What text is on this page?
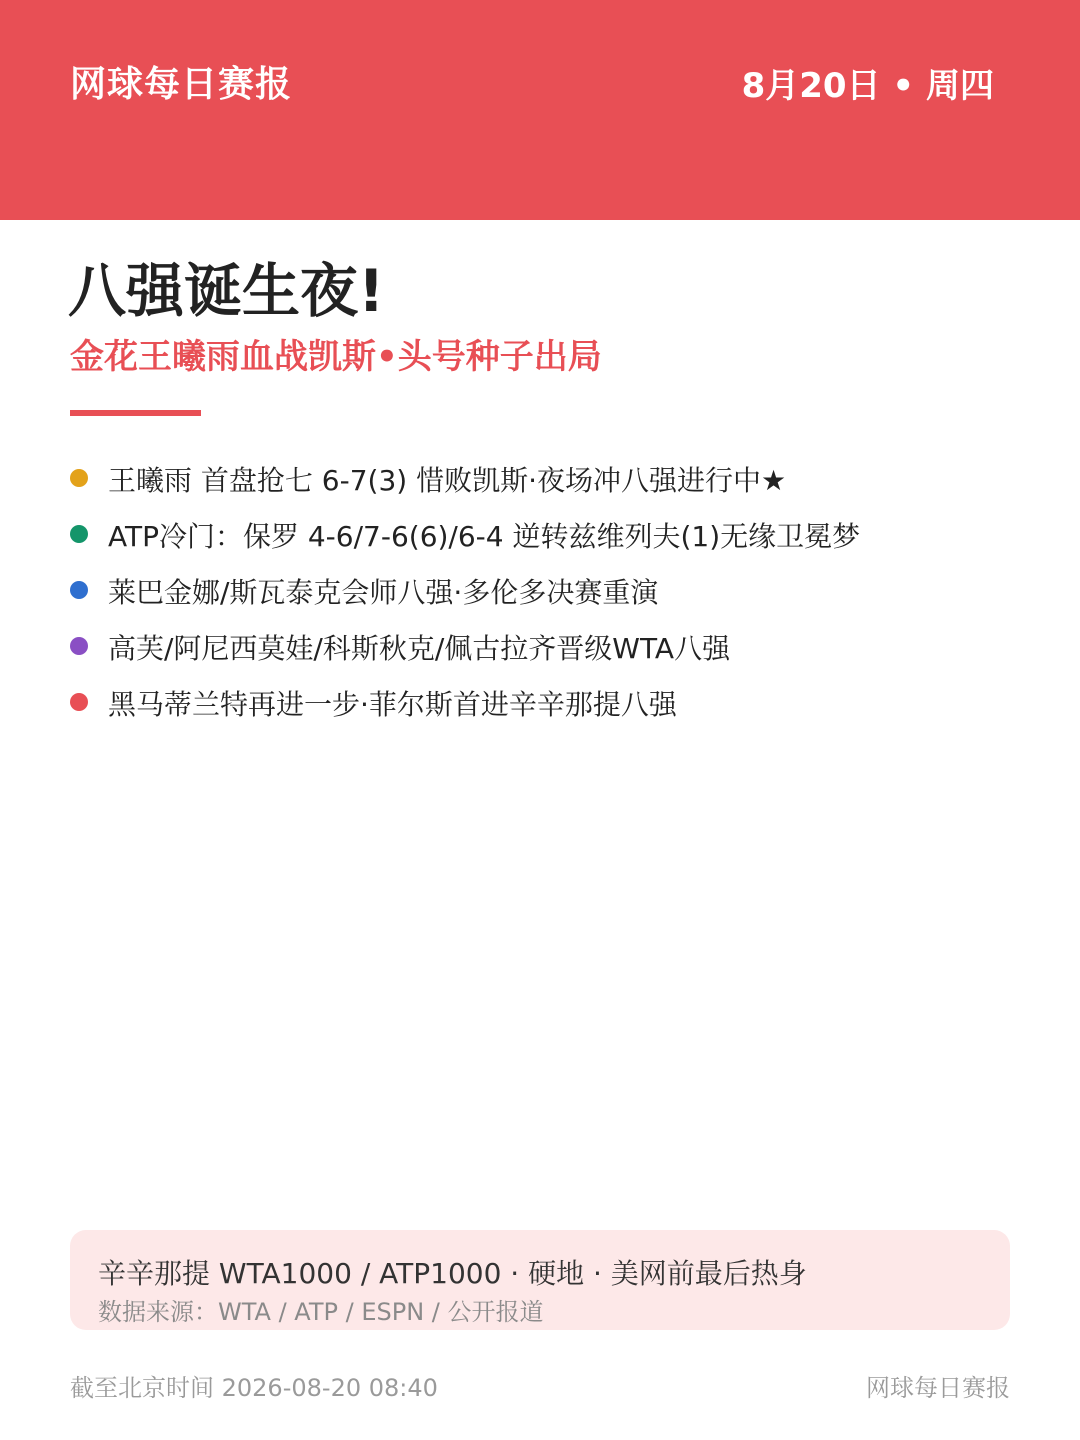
网球每日赛报	8月20日 • 周四
八强诞生夜!
金花王曦雨血战凯斯•头号种子出局
王曦雨 首盘抢七 6-7(3) 惜败凯斯·夜场冲八强进行中★
ATP冷门：保罗 4-6/7-6(6)/6-4 逆转兹维列夫(1)无缘卫冕梦
莱巴金娜/斯瓦泰克会师八强·多伦多决赛重演
高芙/阿尼西莫娃/科斯秋克/佩古拉齐晋级WTA八强
黑马蒂兰特再进一步·菲尔斯首进辛辛那提八强
辛辛那提 WTA1000 / ATP1000 · 硬地 · 美网前最后热身
数据来源：WTA / ATP / ESPN / 公开报道
截至北京时间 2026-08-20 08:40	网球每日赛报
